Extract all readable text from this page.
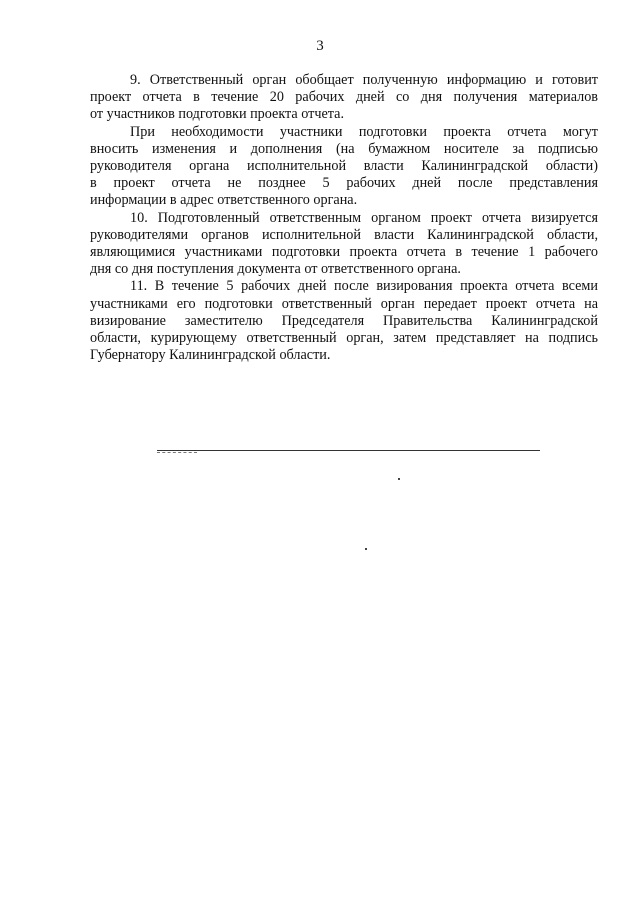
3
9. Ответственный орган обобщает полученную информацию и готовит
проект отчета в течение 20 рабочих дней со дня получения материалов
от участников подготовки проекта отчета.
При необходимости участники подготовки проекта отчета могут
вносить изменения и дополнения (на бумажном носителе за подписью
руководителя органа исполнительной власти Калининградской области)
в проект отчета не позднее 5 рабочих дней после представления
информации в адрес ответственного органа.
10. Подготовленный ответственным органом проект отчета визируется
руководителями органов исполнительной власти Калининградской области,
являющимися участниками подготовки проекта отчета в течение 1 рабочего
дня со дня поступления документа от ответственного органа.
11. В течение 5 рабочих дней после визирования проекта отчета всеми
участниками его подготовки ответственный орган передает проект отчета на
визирование заместителю Председателя Правительства Калининградской
области, курирующему ответственный орган, затем представляет на подпись
Губернатору Калининградской области.
